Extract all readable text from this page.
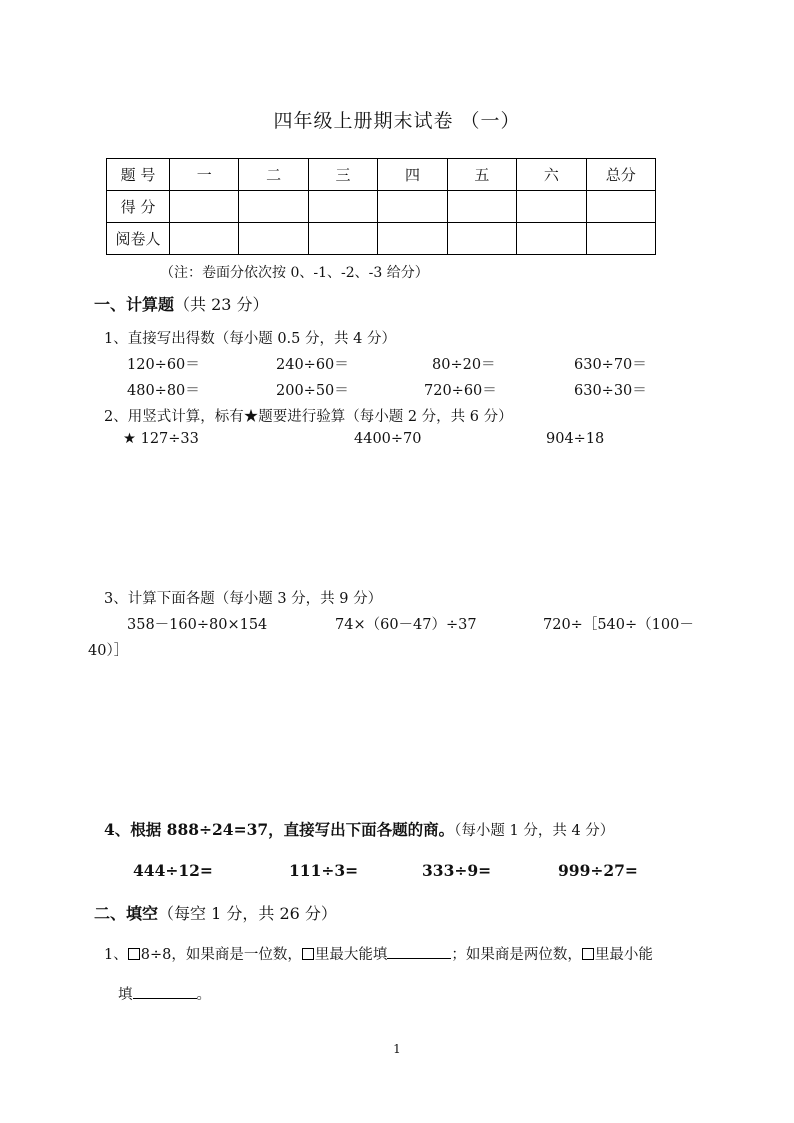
四年级上册期末试卷 （一）
题 号	一	二	三	四	五	六	总分
得 分							
阅卷人							
（注：卷面分依次按 0、-1、-2、-3 给分）
一、计算题（共 23 分）
1、直接写出得数（每小题 0.5 分，共 4 分）
120÷60＝	240÷60＝	80÷20＝	630÷70＝
480÷80＝	200÷50＝	720÷60＝	630÷30＝
2、用竖式计算，标有★题要进行验算（每小题 2 分，共 6 分）
★ 127÷33	4400÷70	904÷18
3、计算下面各题（每小题 3 分，共 9 分）
358－160÷80×154	74×（60－47）÷37	720÷［540÷（100－
40）］
4、根据 888÷24=37，直接写出下面各题的商。（每小题 1 分，共 4 分）
444÷12=	111÷3=	333÷9=	999÷27=
二、填空（每空 1 分，共 26 分）
1、 8÷8，如果商是一位数， 里最大能填	；如果商是两位数， 里最小能
填	。
1
